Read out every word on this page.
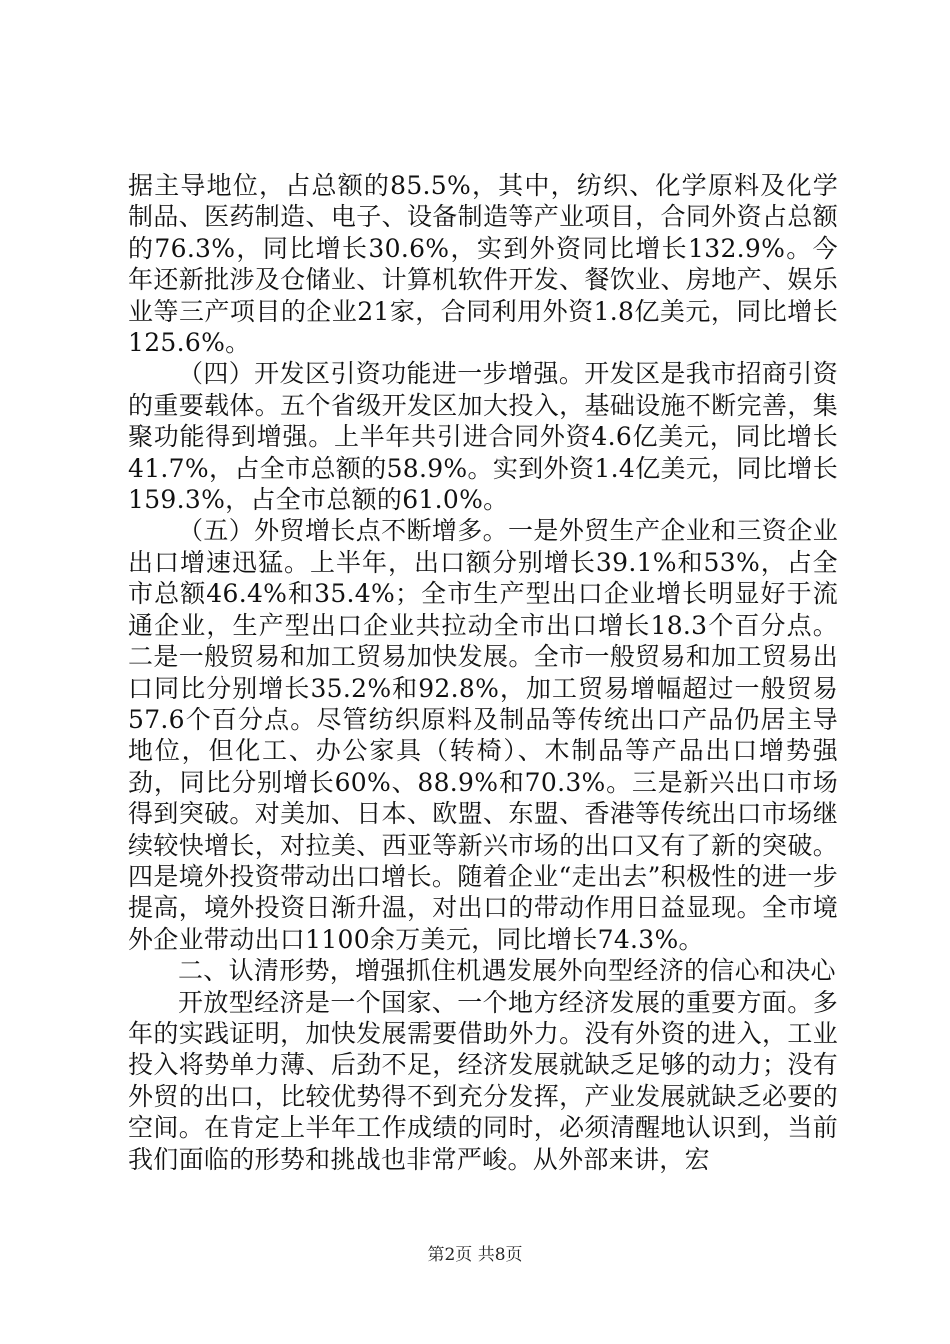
据主导地位，占总额的85.5%，其中，纺织、化学原料及化学制品、医药制造、电子、设备制造等产业项目，合同外资占总额的76.3%，同比增长30.6%，实到外资同比增长132.9%。今年还新批涉及仓储业、计算机软件开发、餐饮业、房地产、娱乐业等三产项目的企业21家，合同利用外资1.8亿美元，同比增长125.6%。

（四）开发区引资功能进一步增强。开发区是我市招商引资的重要载体。五个省级开发区加大投入，基础设施不断完善，集聚功能得到增强。上半年共引进合同外资4.6亿美元，同比增长41.7%，占全市总额的58.9%。实到外资1.4亿美元，同比增长159.3%，占全市总额的61.0%。

（五）外贸增长点不断增多。一是外贸生产企业和三资企业出口增速迅猛。上半年，出口额分别增长39.1%和53%，占全市总额46.4%和35.4%；全市生产型出口企业增长明显好于流通企业，生产型出口企业共拉动全市出口增长18.3个百分点。二是一般贸易和加工贸易加快发展。全市一般贸易和加工贸易出口同比分别增长35.2%和92.8%，加工贸易增幅超过一般贸易57.6个百分点。尽管纺织原料及制品等传统出口产品仍居主导地位，但化工、办公家具（转椅）、木制品等产品出口增势强劲，同比分别增长60%、88.9%和70.3%。三是新兴出口市场得到突破。对美加、日本、欧盟、东盟、香港等传统出口市场继续较快增长，对拉美、西亚等新兴市场的出口又有了新的突破。四是境外投资带动出口增长。随着企业“走出去”积极性的进一步提高，境外投资日渐升温，对出口的带动作用日益显现。全市境外企业带动出口1100余万美元，同比增长74.3%。

二、认清形势，增强抓住机遇发展外向型经济的信心和决心

开放型经济是一个国家、一个地方经济发展的重要方面。多年的实践证明，加快发展需要借助外力。没有外资的进入，工业投入将势单力薄、后劲不足，经济发展就缺乏足够的动力；没有外贸的出口，比较优势得不到充分发挥，产业发展就缺乏必要的空间。在肯定上半年工作成绩的同时，必须清醒地认识到，当前我们面临的形势和挑战也非常严峻。从外部来讲，宏

第2页 共8页
